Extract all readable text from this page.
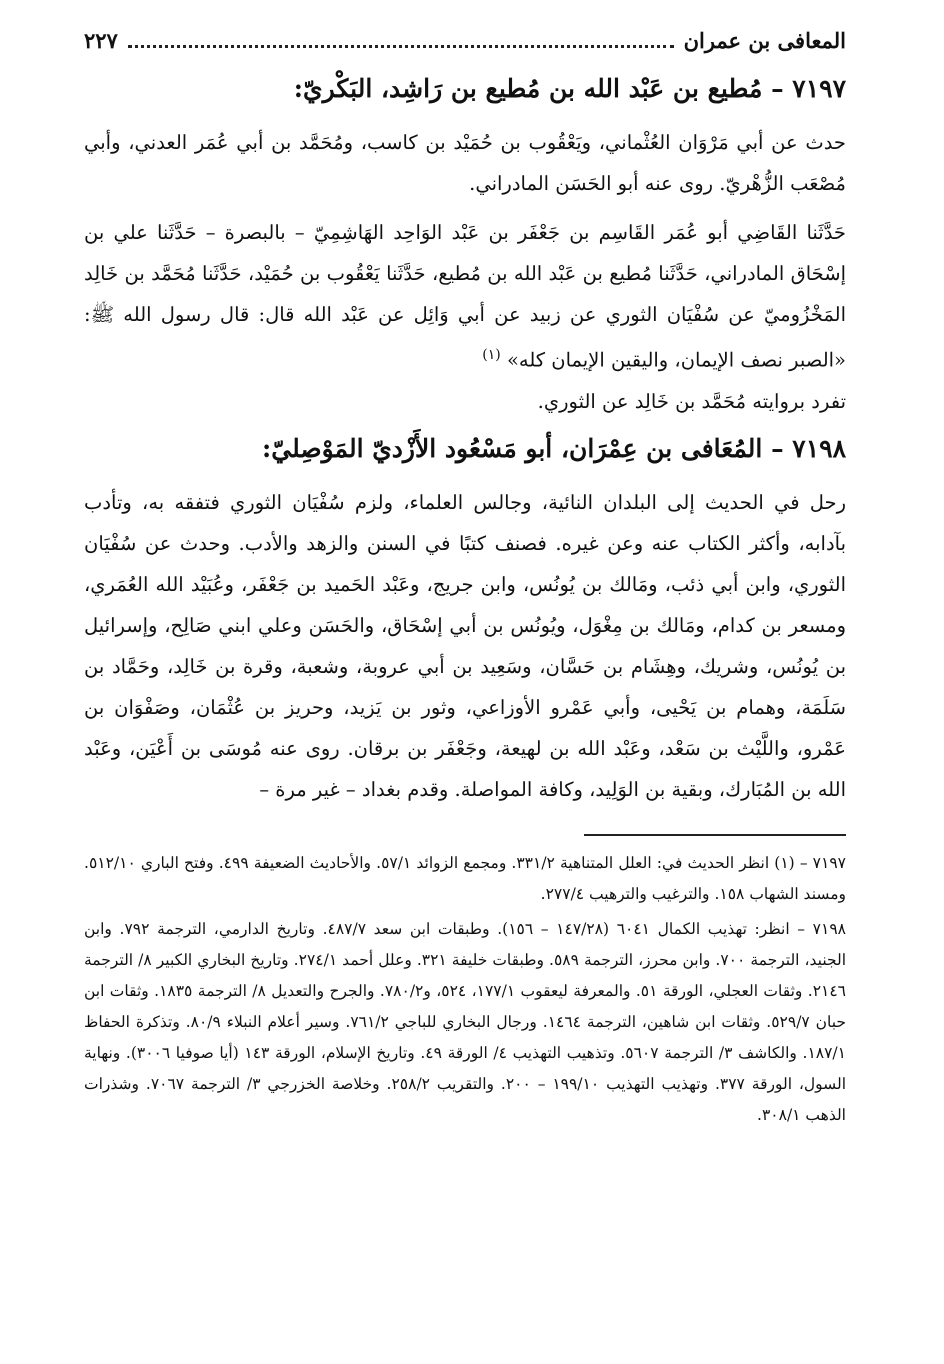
المعافى بن عمران
٢٢٧
٧١٩٧ – مُطيع بن عَبْد الله بن مُطيع بن رَاشِد، البَكْريّ:

حدث عن أبي مَرْوَان العُثْماني، ويَعْقُوب بن حُمَيْد بن كاسب، ومُحَمَّد بن أبي عُمَر العدني، وأبي مُصْعَب الزُّهْريّ. روى عنه أبو الحَسَن المادراني.

حَدَّثَنا القَاضِي أبو عُمَر القَاسِم بن جَعْفَر بن عَبْد الوَاحِد الهَاشِمِيّ – بالبصرة – حَدَّثَنا علي بن إسْحَاق المادراني، حَدَّثَنا مُطيع بن عَبْد الله بن مُطيع، حَدَّثَنا يَعْقُوب بن حُمَيْد، حَدَّثَنا مُحَمَّد بن خَالِد المَخْزُوميّ عن سُفْيَان الثوري عن زبيد عن أبي وَائِل عن عَبْد الله قال: قال رسول الله ﷺ: «الصبر نصف الإيمان، واليقين الإيمان كله» $^{(١)}$

تفرد بروايته مُحَمَّد بن خَالِد عن الثوري.

٧١٩٨ – المُعَافى بن عِمْرَان، أبو مَسْعُود الأَزْديّ المَوْصِليّ:

رحل في الحديث إلى البلدان النائية، وجالس العلماء، ولزم سُفْيَان الثوري فتفقه به، وتأدب بآدابه، وأكثر الكتاب عنه وعن غيره. فصنف كتبًا في السنن والزهد والأدب. وحدث عن سُفْيَان الثوري، وابن أبي ذئب، ومَالك بن يُونُس، وابن جريج، وعَبْد الحَميد بن جَعْفَر، وعُبَيْد الله العُمَري، ومسعر بن كدام، ومَالك بن مِغْوَل، ويُونُس بن أبي إسْحَاق، والحَسَن وعلي ابني صَالِح، وإسرائيل بن يُونُس، وشريك، وهِشَام بن حَسَّان، وسَعِيد بن أبي عروبة، وشعبة، وقرة بن خَالِد، وحَمَّاد بن سَلَمَة، وهمام بن يَحْيى، وأبي عَمْرو الأوزاعي، وثور بن يَزيد، وحريز بن عُثْمَان، وصَفْوَان بن عَمْرو، واللَّيْث بن سَعْد، وعَبْد الله بن لهيعة، وجَعْفَر بن برقان. روى عنه مُوسَى بن أَعْيَن، وعَبْد الله بن المُبَارك، وبقية بن الوَلِيد، وكافة المواصلة. وقدم بغداد – غير مرة –

٧١٩٧ – (١) انظر الحديث في: العلل المتناهية ٣٣١/٢. ومجمع الزوائد ٥٧/١. والأحاديث الضعيفة ٤٩٩. وفتح الباري ٥١٢/١٠. ومسند الشهاب ١٥٨. والترغيب والترهيب ٢٧٧/٤.

٧١٩٨ – انظر: تهذيب الكمال ٦٠٤١ (١٤٧/٢٨ – ١٥٦). وطبقات ابن سعد ٤٨٧/٧. وتاريخ الدارمي، الترجمة ٧٩٢. وابن الجنيد، الترجمة ٧٠٠. وابن محرز، الترجمة ٥٨٩. وطبقات خليفة ٣٢١. وعلل أحمد ٢٧٤/١. وتاريخ البخاري الكبير ٨/ الترجمة ٢١٤٦. وثقات العجلي، الورقة ٥١. والمعرفة ليعقوب ١٧٧/١، ٥٢٤، و٧٨٠/٢. والجرح والتعديل ٨/ الترجمة ١٨٣٥. وثقات ابن حبان ٥٢٩/٧. وثقات ابن شاهين، الترجمة ١٤٦٤. ورجال البخاري للباجي ٧٦١/٢. وسير أعلام النبلاء ٨٠/٩. وتذكرة الحفاظ ١٨٧/١. والكاشف ٣/ الترجمة ٥٦٠٧. وتذهيب التهذيب ٤/ الورقة ٤٩. وتاريخ الإسلام، الورقة ١٤٣ (أيا صوفيا ٣٠٠٦). ونهاية السول، الورقة ٣٧٧. وتهذيب التهذيب ١٩٩/١٠ – ٢٠٠. والتقريب ٢٥٨/٢. وخلاصة الخزرجي ٣/ الترجمة ٧٠٦٧. وشذرات الذهب ٣٠٨/١.
